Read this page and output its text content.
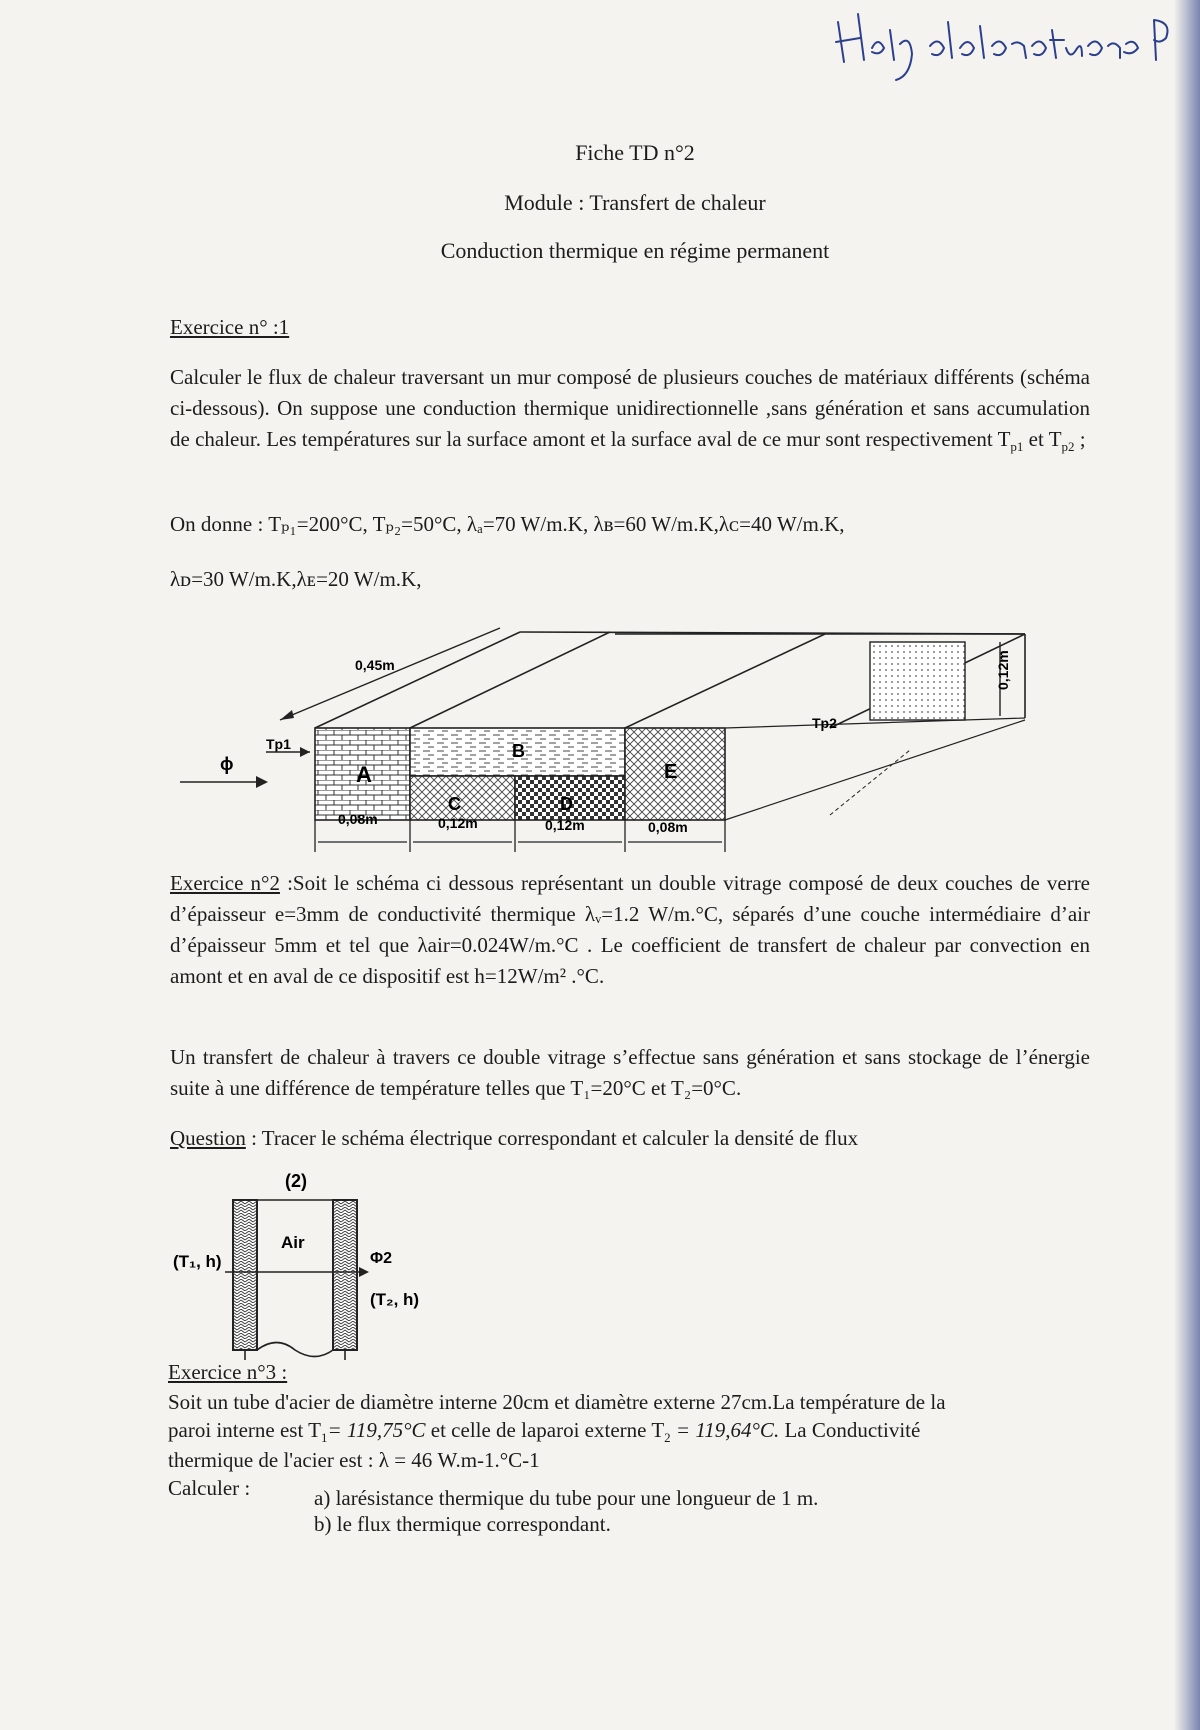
Fiche TD n°2
Module : Transfert de chaleur
Conduction thermique en régime permanent
Exercice n° :1
Calculer le flux de chaleur traversant un mur composé de plusieurs couches de matériaux différents (schéma ci-dessous). On suppose une conduction thermique unidirectionnelle ,sans génération et sans accumulation de chaleur. Les températures sur la surface amont et la surface aval de ce mur sont respectivement $T_{p1}$ et $T_{p2}$ ;
On donne : Tₚ₁=200°C, Tₚ₂=50°C, λₐ=70 W/m.K, λʙ=60 W/m.K,λᴄ=40 W/m.K,
λᴅ=30 W/m.K,λᴇ=20 W/m.K,
A
B
C	D
E
0,45m	0,12m
Tp1
Tp2
ϕ
0,08m	0,12m	0,12m	0,08m
Exercice n°2 :Soit le schéma ci dessous représentant un double vitrage composé de deux couches de verre d’épaisseur e=3mm de conductivité thermique λᵥ=1.2 W/m.°C, séparés d’une couche intermédiaire d’air d’épaisseur 5mm et tel que λair=0.024W/m.°C . Le coefficient de transfert de chaleur par convection en amont et en aval de ce dispositif est h=12W/m² .°C.
Un transfert de chaleur à travers ce double vitrage s’effectue sans génération et sans stockage de l’énergie suite à une différence de température telles que T₁=20°C et T₂=0°C.
Question : Tracer le schéma électrique correspondant et calculer la densité de flux
(2)
Air
(T₁, h)	Φ2
(T₂, h)
Exercice n°3 :
Soit un tube d'acier de diamètre interne 20cm et diamètre externe 27cm.La température de la
paroi interne est $T_1= 119,75^\circ C$ et celle de laparoi externe $T_2 = 119,64^\circ C$. La Conductivité
thermique de l'acier est : λ = 46 W.m-1.°C-1
Calculer :	a) larésistance thermique du tube pour une longueur de 1 m.
b) le flux thermique correspondant.
